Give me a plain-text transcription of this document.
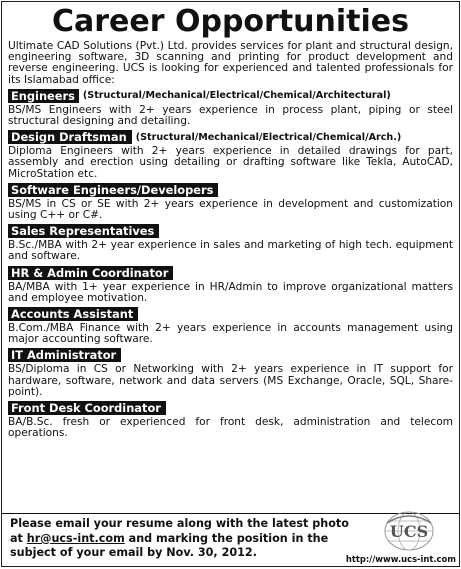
Career Opportunities

Ultimate CAD Solutions (Pvt.) Ltd. provides services for plant and structural design, engineering software, 3D scanning and printing for product development and reverse engineering. UCS is looking for experienced and talented professionals for its Islamabad office:

Engineers (Structural/Mechanical/Electrical/Chemical/Architectural)

BS/MS Engineers with 2+ years experience in process plant, piping or steel structural designing and detailing.

Design Draftsman (Structural/Mechanical/Electrical/Chemical/Arch.)

Diploma Engineers with 2+ years experience in detailed drawings for part, assembly and erection using detailing or drafting software like Tekla, AutoCAD, MicroStation etc.

Software Engineers/Developers

BS/MS in CS or SE with 2+ years experience in development and customization using C++ or C#.

Sales Representatives

B.Sc./MBA with 2+ year experience in sales and marketing of high tech. equipment and software.

HR & Admin Coordinator

BA/MBA with 1+ year experience in HR/Admin to improve organizational matters and employee motivation.

Accounts Assistant

B.Com./MBA Finance with 2+ years experience in accounts management using major accounting software.

IT Administrator

BS/Diploma in CS or Networking with 2+ years experience in IT support for hardware, software, network and data servers (MS Exchange, Oracle, SQL, Share-point).

Front Desk Coordinator

BA/B.Sc. fresh or experienced for front desk, administration and telecom operations.

Please email your resume along with the latest photo
at hr@ucs-int.com and marking the position in the
subject of your email by Nov. 30, 2012.
UCS
http://www.ucs-int.com
